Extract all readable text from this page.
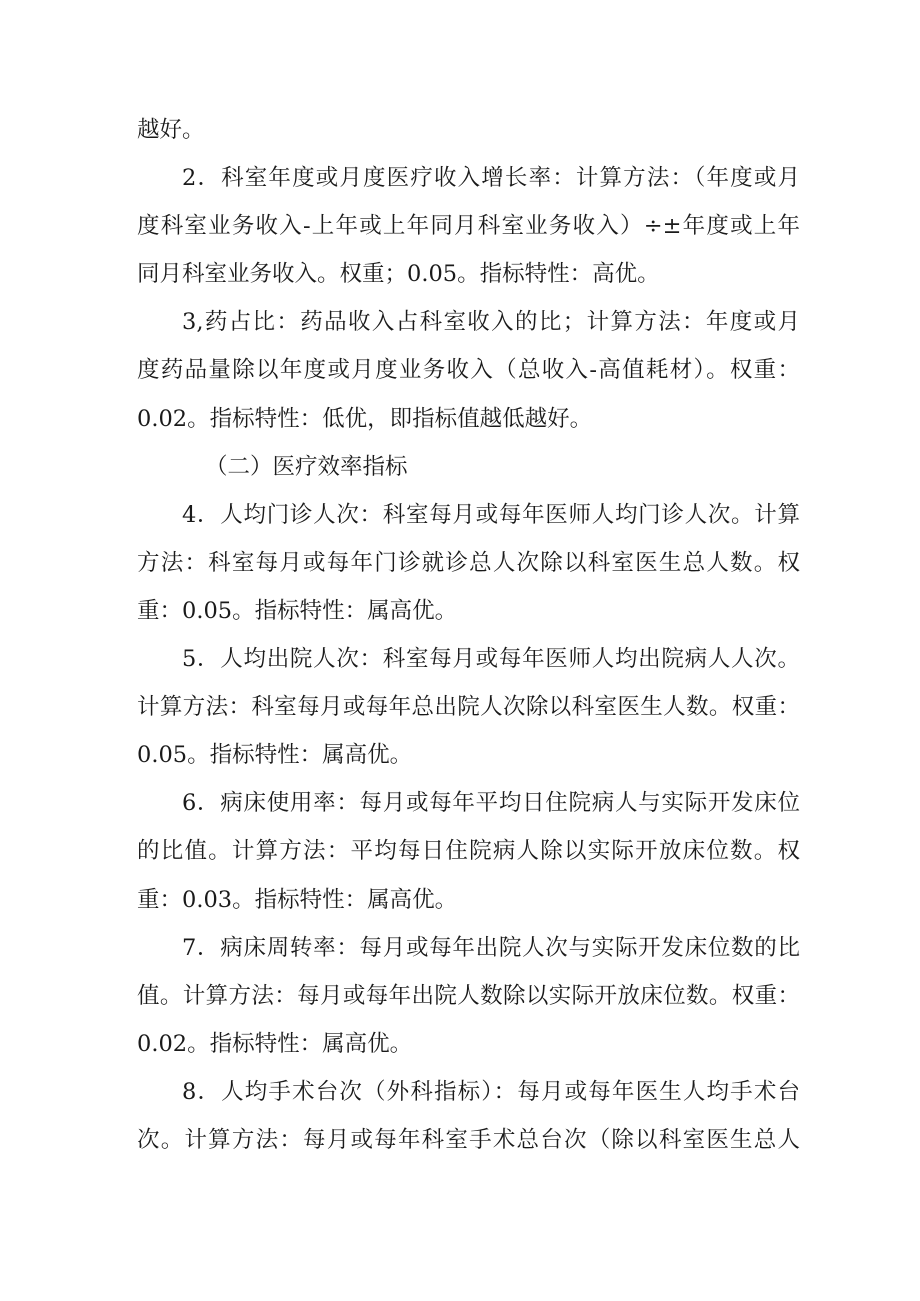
越好。
2．科室年度或月度医疗收入增长率：计算方法：（年度或月
度科室业务收入-上年或上年同月科室业务收入）÷±年度或上年
同月科室业务收入。权重；0.05。指标特性：高优。
3,药占比：药品收入占科室收入的比；计算方法：年度或月
度药品量除以年度或月度业务收入（总收入-高值耗材）。权重：
0.02。指标特性：低优，即指标值越低越好。
（二）医疗效率指标
4．人均门诊人次：科室每月或每年医师人均门诊人次。计算
方法：科室每月或每年门诊就诊总人次除以科室医生总人数。权
重：0.05。指标特性：属高优。
5．人均出院人次：科室每月或每年医师人均出院病人人次。
计算方法：科室每月或每年总出院人次除以科室医生人数。权重：
0.05。指标特性：属高优。
6．病床使用率：每月或每年平均日住院病人与实际开发床位
的比值。计算方法：平均每日住院病人除以实际开放床位数。权
重：0.03。指标特性：属高优。
7．病床周转率：每月或每年出院人次与实际开发床位数的比
值。计算方法：每月或每年出院人数除以实际开放床位数。权重：
0.02。指标特性：属高优。
8．人均手术台次（外科指标）：每月或每年医生人均手术台
次。计算方法：每月或每年科室手术总台次（除以科室医生总人
